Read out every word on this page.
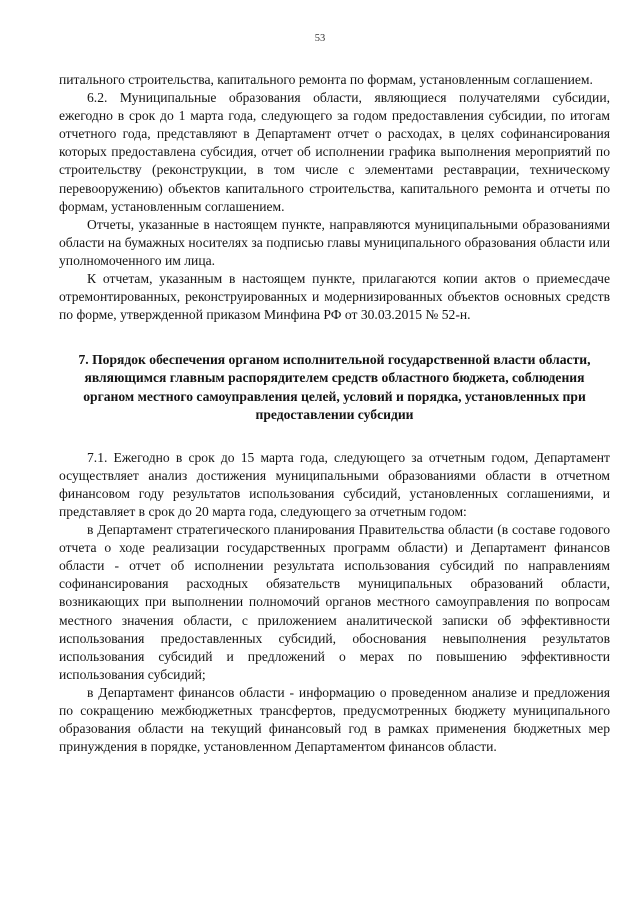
53

питального строительства, капитального ремонта по формам, установленным соглашением.

6.2. Муниципальные образования области, являющиеся получателями субсидии, ежегодно в срок до 1 марта года, следующего за годом предоставления субсидии, по итогам отчетного года, представляют в Департамент отчет о расходах, в целях софинансирования которых предоставлена субсидия, отчет об исполнении графика выполнения мероприятий по строительству (реконструкции, в том числе с элементами реставрации, техническому перевооружению) объектов капитального строительства, капитального ремонта и отчеты по формам, установленным соглашением.

Отчеты, указанные в настоящем пункте, направляются муниципальными образованиями области на бумажных носителях за подписью главы муниципального образования области или уполномоченного им лица.

К отчетам, указанным в настоящем пункте, прилагаются копии актов о приемесдаче отремонтированных, реконструированных и модернизированных объектов основных средств по форме, утвержденной приказом Минфина РФ от 30.03.2015 № 52-н.

7. Порядок обеспечения органом исполнительной государственной власти области, являющимся главным распорядителем средств областного бюджета, соблюдения органом местного самоуправления целей, условий и порядка, установленных при предоставлении субсидии

7.1. Ежегодно в срок до 15 марта года, следующего за отчетным годом, Департамент осуществляет анализ достижения муниципальными образованиями области в отчетном финансовом году результатов использования субсидий, установленных соглашениями, и представляет в срок до 20 марта года, следующего за отчетным годом:

в Департамент стратегического планирования Правительства области (в составе годового отчета о ходе реализации государственных программ области) и Департамент финансов области - отчет об исполнении результата использования субсидий по направлениям софинансирования расходных обязательств муниципальных образований области, возникающих при выполнении полномочий органов местного самоуправления по вопросам местного значения области, с приложением аналитической записки об эффективности использования предоставленных субсидий, обоснования невыполнения результатов использования субсидий и предложений о мерах по повышению эффективности использования субсидий;

в Департамент финансов области - информацию о проведенном анализе и предложения по сокращению межбюджетных трансфертов, предусмотренных бюджету муниципального образования области на текущий финансовый год в рамках применения бюджетных мер принуждения в порядке, установленном Департаментом финансов области.
